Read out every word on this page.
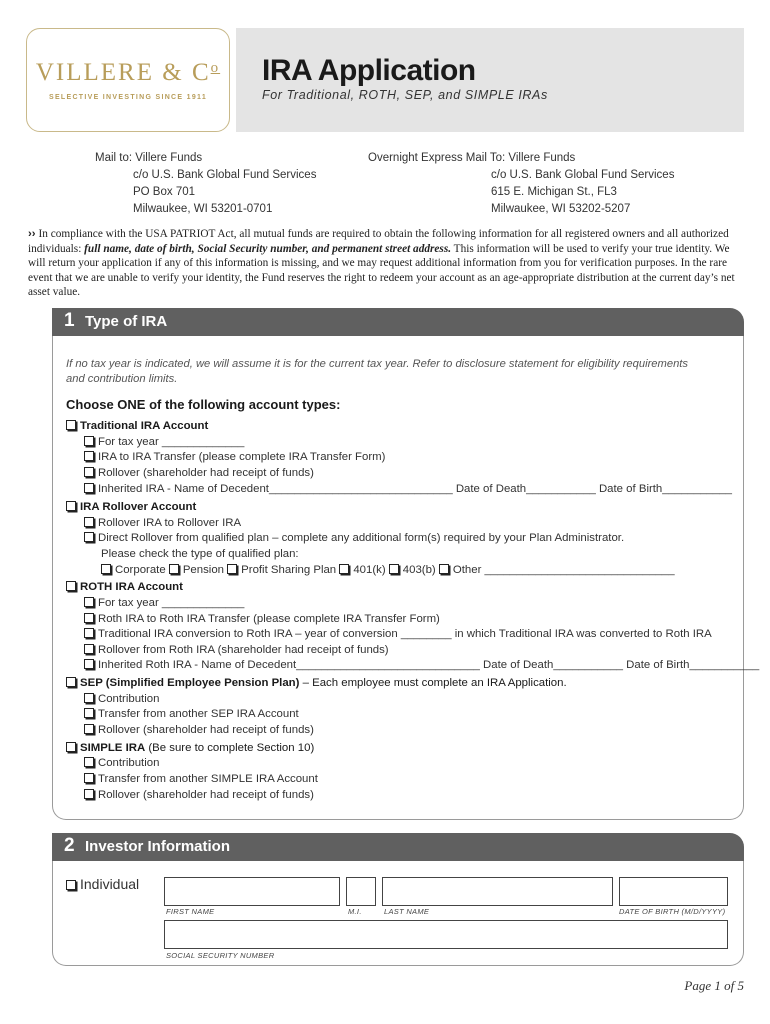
VILLERE & $C^o$
SELECTIVE INVESTING SINCE 1911
IRA Application
For Traditional, ROTH, SEP, and SIMPLE IRAs
Mail to: Villere Funds
c/o U.S. Bank Global Fund Services
PO Box 701
Milwaukee, WI 53201-0701
Overnight Express Mail To: Villere Funds
c/o U.S. Bank Global Fund Services
615 E. Michigan St., FL3
Milwaukee, WI 53202-5207
›› In compliance with the USA PATRIOT Act, all mutual funds are required to obtain the following information for all registered owners and all authorized individuals: full name, date of birth, Social Security number, and permanent street address. This information will be used to verify your true identity. We will return your application if any of this information is missing, and we may request additional information from you for verification purposes. In the rare event that we are unable to verify your identity, the Fund reserves the right to redeem your account as an age-appropriate distribution at the current day’s net asset value.
1 Type of IRA
If no tax year is indicated, we will assume it is for the current tax year. Refer to disclosure statement for eligibility requirements and contribution limits.
Choose ONE of the following account types:
Traditional IRA Account
For tax year _____________
IRA to IRA Transfer (please complete IRA Transfer Form)
Rollover (shareholder had receipt of funds)
Inherited IRA - Name of Decedent_____________________________ Date of Death___________ Date of Birth___________
IRA Rollover Account
Rollover IRA to Rollover IRA
Direct Rollover from qualified plan – complete any additional form(s) required by your Plan Administrator.
Please check the type of qualified plan:
Corporate Pension Profit Sharing Plan 401(k) 403(b) Other ______________________________
ROTH IRA Account
For tax year _____________
Roth IRA to Roth IRA Transfer (please complete IRA Transfer Form)
Traditional IRA conversion to Roth IRA – year of conversion ________ in which Traditional IRA was converted to Roth IRA
Rollover from Roth IRA (shareholder had receipt of funds)
Inherited Roth IRA - Name of Decedent_____________________________ Date of Death___________ Date of Birth___________
SEP (Simplified Employee Pension Plan) – Each employee must complete an IRA Application.
Contribution
Transfer from another SEP IRA Account
Rollover (shareholder had receipt of funds)
SIMPLE IRA (Be sure to complete Section 10)
Contribution
Transfer from another SIMPLE IRA Account
Rollover (shareholder had receipt of funds)
2 Investor Information
Individual
FIRST NAME	M.I.	LAST NAME	DATE OF BIRTH (M/D/YYYY)
SOCIAL SECURITY NUMBER
Page 1 of 5
